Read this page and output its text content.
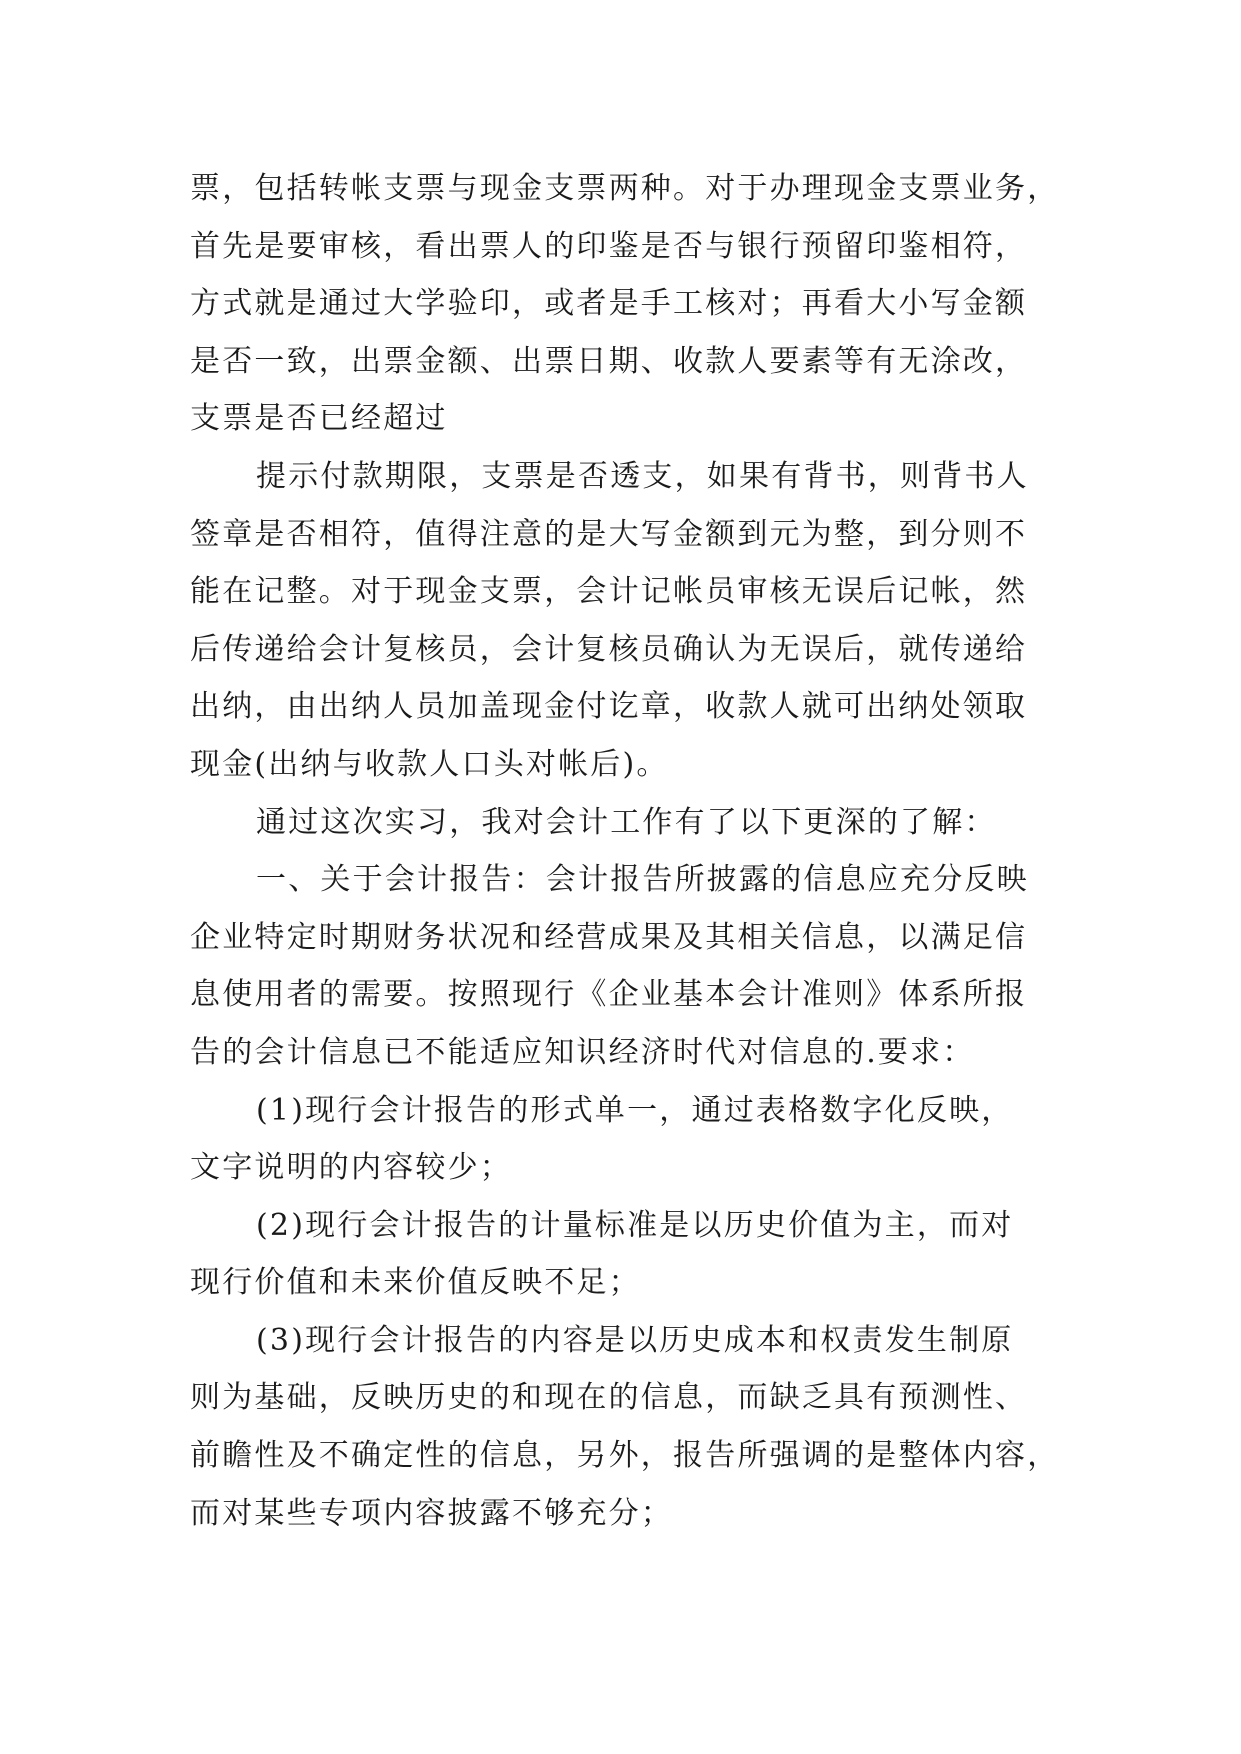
票，包括转帐支票与现金支票两种。对于办理现金支票业务，
首先是要审核，看出票人的印鉴是否与银行预留印鉴相符，
方式就是通过大学验印，或者是手工核对；再看大小写金额
是否一致，出票金额、出票日期、收款人要素等有无涂改，
支票是否已经超过
提示付款期限，支票是否透支，如果有背书，则背书人
签章是否相符，值得注意的是大写金额到元为整，到分则不
能在记整。对于现金支票，会计记帐员审核无误后记帐，然
后传递给会计复核员，会计复核员确认为无误后，就传递给
出纳，由出纳人员加盖现金付讫章，收款人就可出纳处领取
现金(出纳与收款人口头对帐后)。
通过这次实习，我对会计工作有了以下更深的了解：
一、关于会计报告：会计报告所披露的信息应充分反映
企业特定时期财务状况和经营成果及其相关信息，以满足信
息使用者的需要。按照现行《企业基本会计准则》体系所报
告的会计信息已不能适应知识经济时代对信息的.要求：
(1)现行会计报告的形式单一，通过表格数字化反映，
文字说明的内容较少；
(2)现行会计报告的计量标准是以历史价值为主，而对
现行价值和未来价值反映不足；
(3)现行会计报告的内容是以历史成本和权责发生制原
则为基础，反映历史的和现在的信息，而缺乏具有预测性、
前瞻性及不确定性的信息，另外，报告所强调的是整体内容，
而对某些专项内容披露不够充分；
